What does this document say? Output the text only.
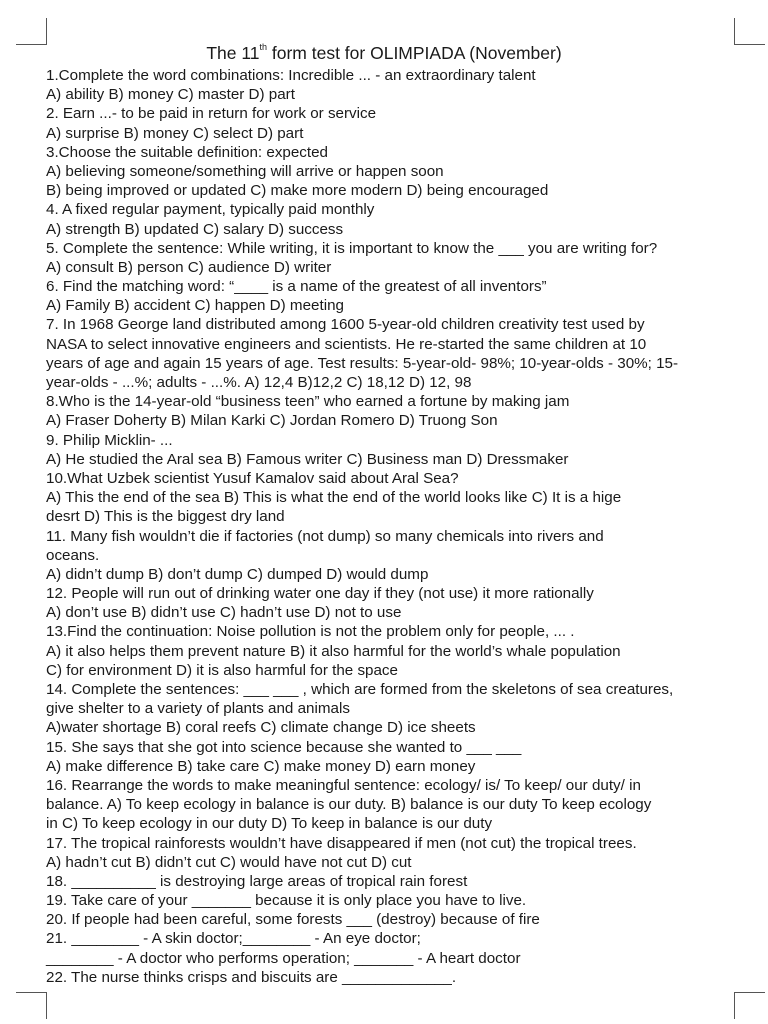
The 11th form test for OLIMPIADA (November)
1.Complete the word combinations: Incredible ... - an extraordinary talent
A) ability B) money C) master D) part
2. Earn ...- to be paid in return for work or service
A) surprise B) money C) select D) part
3.Choose the suitable definition: expected
A) believing someone/something will arrive or happen soon
B) being improved or updated C) make more modern D) being encouraged
4. A fixed regular payment, typically paid monthly
A) strength B) updated C) salary D) success
5. Complete the sentence: While writing, it is important to know the ___ you are writing for?
A) consult B) person C) audience D) writer
6. Find the matching word: “____ is a name of the greatest of all inventors”
A) Family B) accident C) happen D) meeting
7. In 1968 George land distributed among 1600 5-year-old children creativity test used by
NASA to select innovative engineers and scientists. He re-started the same children at 10
years of age and again 15 years of age. Test results: 5-year-old- 98%; 10-year-olds - 30%; 15-
year-olds - ...%; adults - ...%. A) 12,4 B)12,2 C) 18,12 D) 12, 98
8.Who is the 14-year-old “business teen” who earned a fortune by making jam
A) Fraser Doherty B) Milan Karki C) Jordan Romero D) Truong Son
9. Philip Micklin- ...
A) He studied the Aral sea B) Famous writer C) Business man D) Dressmaker
10.What Uzbek scientist Yusuf Kamalov said about Aral Sea?
A) This the end of the sea B) This is what the end of the world looks like C) It is a hige
desrt D) This is the biggest dry land
11. Many fish wouldn’t die if factories (not dump) so many chemicals into rivers and
oceans.
A) didn’t dump B) don’t dump C) dumped D) would dump
12. People will run out of drinking water one day if they (not use) it more rationally
A) don’t use B) didn’t use C) hadn’t use D) not to use
13.Find the continuation: Noise pollution is not the problem only for people, ... .
A) it also helps them prevent nature B) it also harmful for the world’s whale population
C) for environment D) it is also harmful for the space
14. Complete the sentences: ___ ___ , which are formed from the skeletons of sea creatures,
give shelter to a variety of plants and animals
A)water shortage B) coral reefs C) climate change D) ice sheets
15. She says that she got into science because she wanted to ___ ___
A) make difference B) take care C) make money D) earn money
16. Rearrange the words to make meaningful sentence: ecology/ is/ To keep/ our duty/ in
balance. A) To keep ecology in balance is our duty. B) balance is our duty To keep ecology
in C) To keep ecology in our duty D) To keep in balance is our duty
17. The tropical rainforests wouldn’t have disappeared if men (not cut) the tropical trees.
A) hadn’t cut B) didn’t cut C) would have not cut D) cut
18. __________ is destroying large areas of tropical rain forest
19. Take care of your _______ because it is only place you have to live.
20. If people had been careful, some forests ___ (destroy) because of fire
21. ________ - A skin doctor;________ - An eye doctor;
________ - A doctor who performs operation; _______ - A heart doctor
22. The nurse thinks crisps and biscuits are _____________.
